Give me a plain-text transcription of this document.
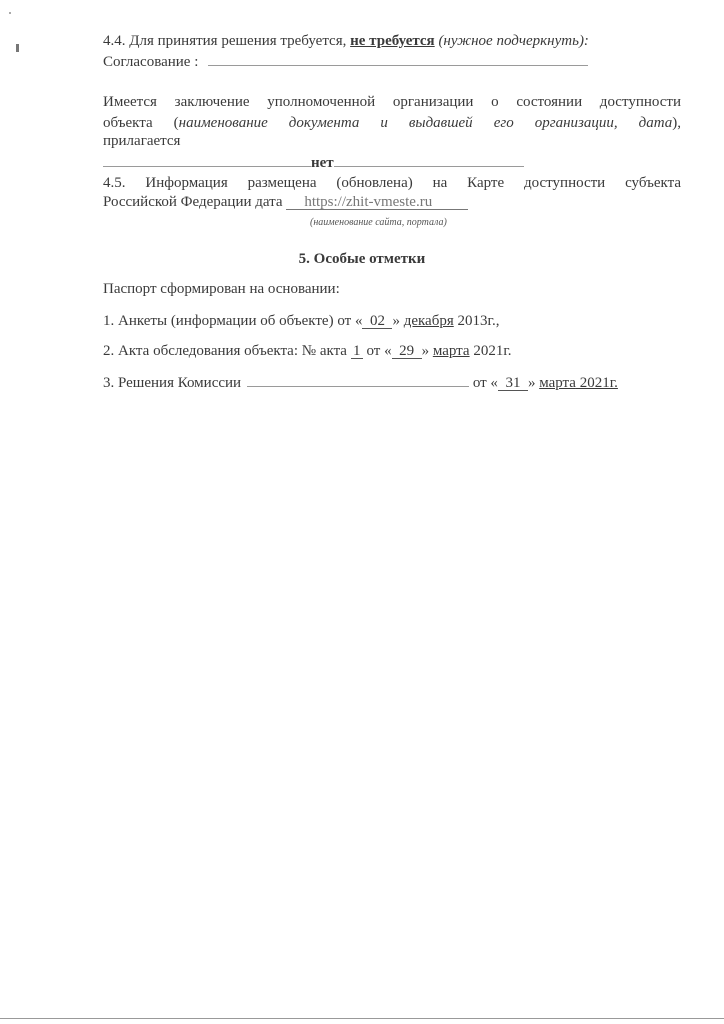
4.4. Для принятия решения требуется, не требуется (нужное подчеркнуть):
Согласование :
Имеется заключение уполномоченной организации о состоянии доступности
объекта (наименование документа и выдавшей его организации, дата),
прилагается
нет
4.5. Информация размещена (обновлена) на Карте доступности субъекта
Российской Федерации дата https://zhit-vmeste.ru
(наименование сайта, портала)
5. Особые отметки
Паспорт сформирован на основании:
1. Анкеты (информации об объекте) от « 02 » декабря 2013г.,
2. Акта обследования объекта: № акта 1 от « 29 » марта 2021г.
3. Решения Комиссии	от « 31 » марта 2021г.
